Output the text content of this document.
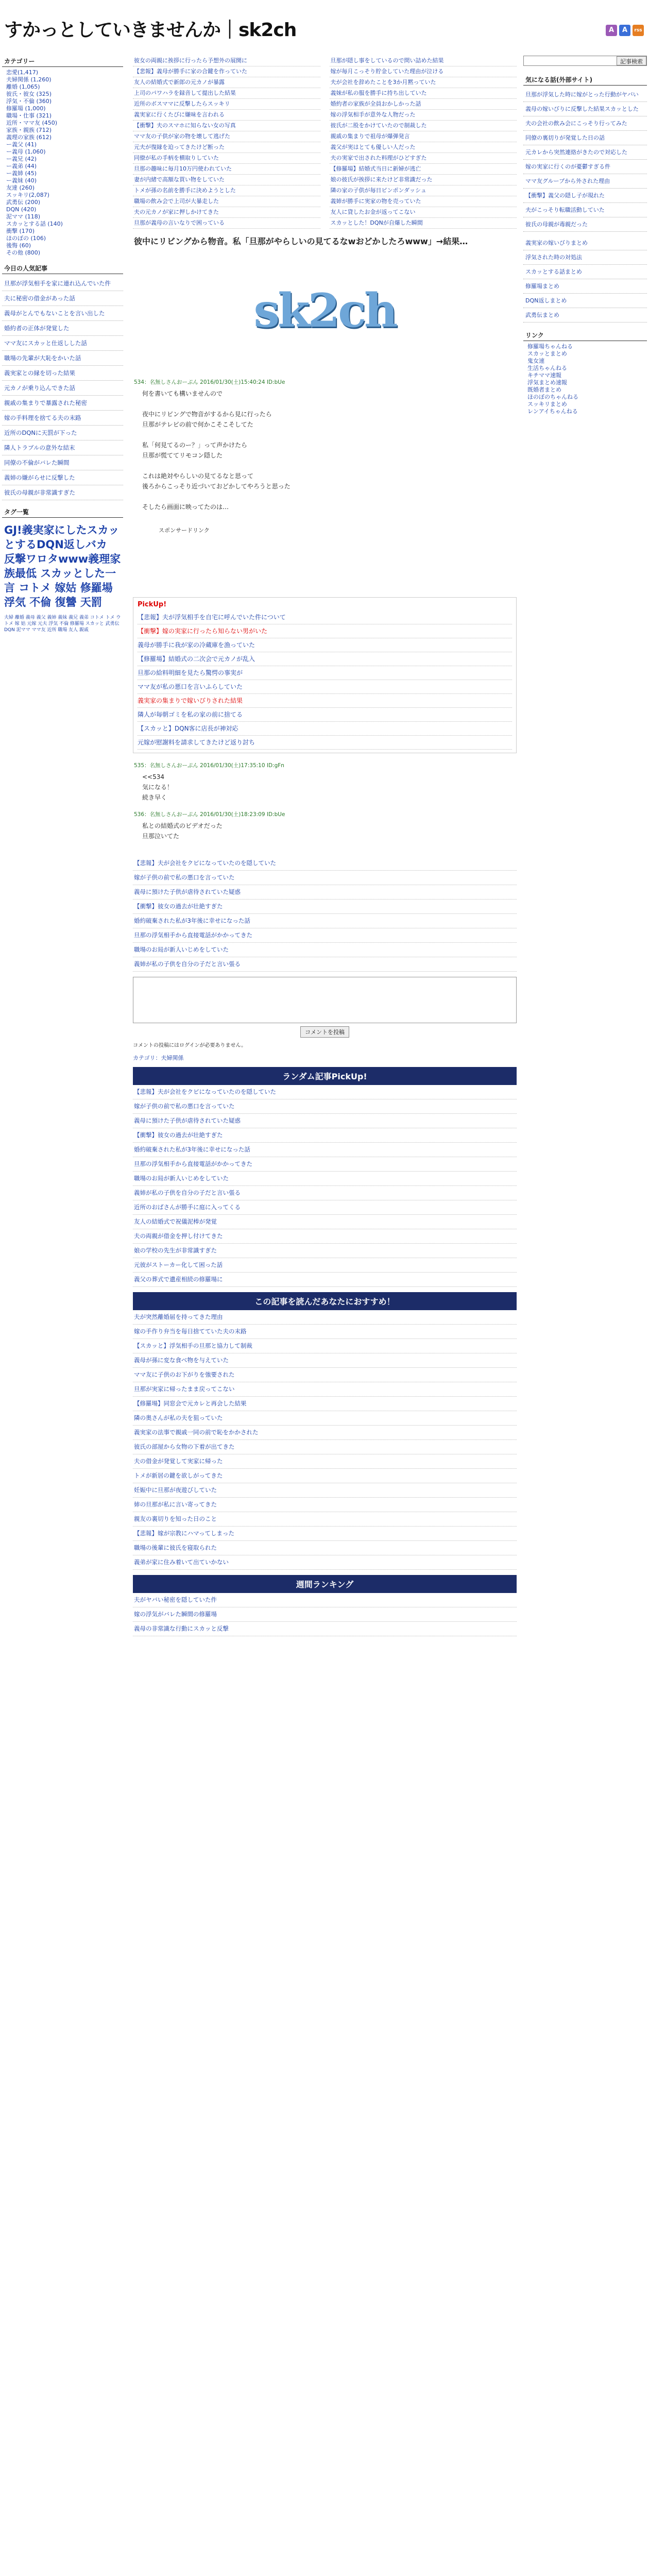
すかっとしていきませんか｜sk2ch	A	A	rss
カテゴリー
恋愛(1,417)
夫婦関係 (1,260)
離婚 (1,065)
彼氏・彼女 (325)
浮気・不倫 (360)
修羅場 (1,000)
職場・仕事 (321)
近所・ママ友 (450)
家族・親族 (712)
義理の家族 (612)
ー義父 (41)
ー義母 (1,060)
ー義兄 (42)
ー義弟 (44)
ー義姉 (45)
ー義妹 (40)
友達 (260)
スッキリ(2,087)
武勇伝 (200)
DQN (420)
泥ママ (118)
スカッとする話 (140)
衝撃 (170)
ほのぼの (106)
後悔 (60)
その他 (800)
今日の人気記事
旦那が浮気相手を家に連れ込んでいた件
夫に秘密の借金があった話
義母がとんでもないことを言い出した
婚約者の正体が発覚した
ママ友にスカッと仕返しした話
職場の先輩が大恥をかいた話
義実家との縁を切った結果
元カノが乗り込んできた話
親戚の集まりで暴露された秘密
嫁の手料理を捨てる夫の末路
近所のDQNに天罰が下った
隣人トラブルの意外な結末
同僚の不倫がバレた瞬間
義姉の嫌がらせに反撃した
彼氏の母親が非常識すぎた
タグ一覧
GJ!義実家にしたスカッとするDQN返しバカ 反撃ワロタwww義理家族最低 スカッとした一言 コトメ 嫁姑 修羅場 浮気 不倫 復讐 天罰
夫婦 離婚 義母 義父 義姉 義妹 義兄 義弟 コトメ トメ ウトメ 嫁 姑 元嫁 元夫 浮気 不倫 修羅場 スカッと 武勇伝 DQN 泥ママ ママ友 近所 職場 友人 親戚
彼女の両親に挨拶に行ったら予想外の展開に	旦那が隠し事をしているので問い詰めた結果
【悲報】義母が勝手に家の合鍵を作っていた	嫁が毎月こっそり貯金していた理由が泣ける
友人の結婚式で新郎の元カノが暴露	夫が会社を辞めたことを3か月黙っていた
上司のパワハラを録音して提出した結果	義妹が私の服を勝手に持ち出していた
近所のボスママに反撃したらスッキリ	婚約者の家族が全員おかしかった話
義実家に行くたびに嫌味を言われる	嫁の浮気相手が意外な人物だった
【衝撃】夫のスマホに知らない女の写真	彼氏が二股をかけていたので制裁した
ママ友の子供が家の物を壊して逃げた	親戚の集まりで祖母が爆弾発言
元夫が復縁を迫ってきたけど断った	義父が実はとても優しい人だった
同僚が私の手柄を横取りしていた	夫の実家で出された料理がひどすぎた
旦那の趣味に毎月10万円使われていた	【修羅場】結婚式当日に新婦が逃亡
妻が内緒で高額な買い物をしていた	娘の彼氏が挨拶に来たけど非常識だった
トメが孫の名前を勝手に決めようとした	隣の家の子供が毎日ピンポンダッシュ
職場の飲み会で上司が大暴走した	義姉が勝手に実家の物を売っていた
夫の元カノが家に押しかけてきた	友人に貸したお金が返ってこない
旦那が義母の言いなりで困っている	スカッとした！DQNが自爆した瞬間
彼中にリビングから物音。私「旦那がやらしいの見てるなwおどかしたろwww」→結果…
sk2ch
534：名無しさんおーぷん 2016/01/30(土)15:40:24 ID:bUe

何を書いても構いませんので

夜中にリビングで物音がするから見に行ったら

旦那がテレビの前で何かこそこそしてた

私「何見てるのー？」って声かけたら

旦那が慌ててリモコン隠した

これは絶対やらしいの見てるなと思って

後ろからこっそり近づいておどかしてやろうと思った

そしたら画面に映ってたのは…

スポンサードリンク
PickUp!
【悲報】夫が浮気相手を自宅に呼んでいた件について
【衝撃】嫁の実家に行ったら知らない男がいた
義母が勝手に我が家の冷蔵庫を漁っていた
【修羅場】結婚式の二次会で元カノが乱入
旦那の給料明細を見たら驚愕の事実が
ママ友が私の悪口を言いふらしていた
義実家の集まりで嫁いびりされた結果
隣人が毎朝ゴミを私の家の前に捨てる
【スカッと】DQN客に店長が神対応
元嫁が慰謝料を請求してきたけど返り討ち
535：名無しさんおーぷん 2016/01/30(土)17:35:10 ID:gFn

<<534

気になる！

続き早く

536：名無しさんおーぷん 2016/01/30(土)18:23:09 ID:bUe

私との結婚式のビデオだった

旦那泣いてた

【悲報】夫が会社をクビになっていたのを隠していた
嫁が子供の前で私の悪口を言っていた
義母に預けた子供が虐待されていた疑惑
【衝撃】彼女の過去が壮絶すぎた
婚約破棄された私が3年後に幸せになった話
旦那の浮気相手から直接電話がかかってきた
職場のお局が新人いじめをしていた
義姉が私の子供を自分の子だと言い張る
コメントを投稿
コメントの投稿にはログインが必要ありません。
カテゴリ：夫婦関係
ランダム記事PickUp!
【悲報】夫が会社をクビになっていたのを隠していた
嫁が子供の前で私の悪口を言っていた
義母に預けた子供が虐待されていた疑惑
【衝撃】彼女の過去が壮絶すぎた
婚約破棄された私が3年後に幸せになった話
旦那の浮気相手から直接電話がかかってきた
職場のお局が新人いじめをしていた
義姉が私の子供を自分の子だと言い張る
近所のおばさんが勝手に庭に入ってくる
友人の結婚式で祝儀泥棒が発覚
夫の両親が借金を押し付けてきた
娘の学校の先生が非常識すぎた
元彼がストーカー化して困った話
義父の葬式で遺産相続の修羅場に
この記事を読んだあなたにおすすめ！
夫が突然離婚届を持ってきた理由
嫁の手作り弁当を毎日捨てていた夫の末路
【スカッと】浮気相手の旦那と協力して制裁
義母が孫に変な食べ物を与えていた
ママ友に子供のお下がりを強要された
旦那が実家に帰ったまま戻ってこない
【修羅場】同窓会で元カレと再会した結果
隣の奥さんが私の夫を狙っていた
義実家の法事で親戚一同の前で恥をかかされた
彼氏の部屋から女物の下着が出てきた
夫の借金が発覚して実家に帰った
トメが新居の鍵を欲しがってきた
妊娠中に旦那が夜遊びしていた
姉の旦那が私に言い寄ってきた
親友の裏切りを知った日のこと
【悲報】嫁が宗教にハマってしまった
職場の後輩に彼氏を寝取られた
義弟が家に住み着いて出ていかない
週間ランキング
夫がヤバい秘密を隠していた件
嫁の浮気がバレた瞬間の修羅場
義母の非常識な行動にスカッと反撃
記事検索
気になる話(外部サイト)
旦那が浮気した時に嫁がとった行動がヤバい
義母の嫁いびりに反撃した結果スカッとした
夫の会社の飲み会にこっそり行ってみた
同僚の裏切りが発覚した日の話
元カレから突然連絡がきたので対応した
嫁の実家に行くのが憂鬱すぎる件
ママ友グループから外された理由
【衝撃】義父の隠し子が現れた
夫がこっそり転職活動していた
彼氏の母親が毒親だった
義実家の嫁いびりまとめ
浮気された時の対処法
スカッとする話まとめ
修羅場まとめ
DQN返しまとめ
武勇伝まとめ
リンク
修羅場ちゃんねる
スカッとまとめ
鬼女速
生活ちゃんねる
キチママ速報
浮気まとめ速報
既婚者まとめ
ほのぼのちゃんねる
スッキリまとめ
レンアイちゃんねる
